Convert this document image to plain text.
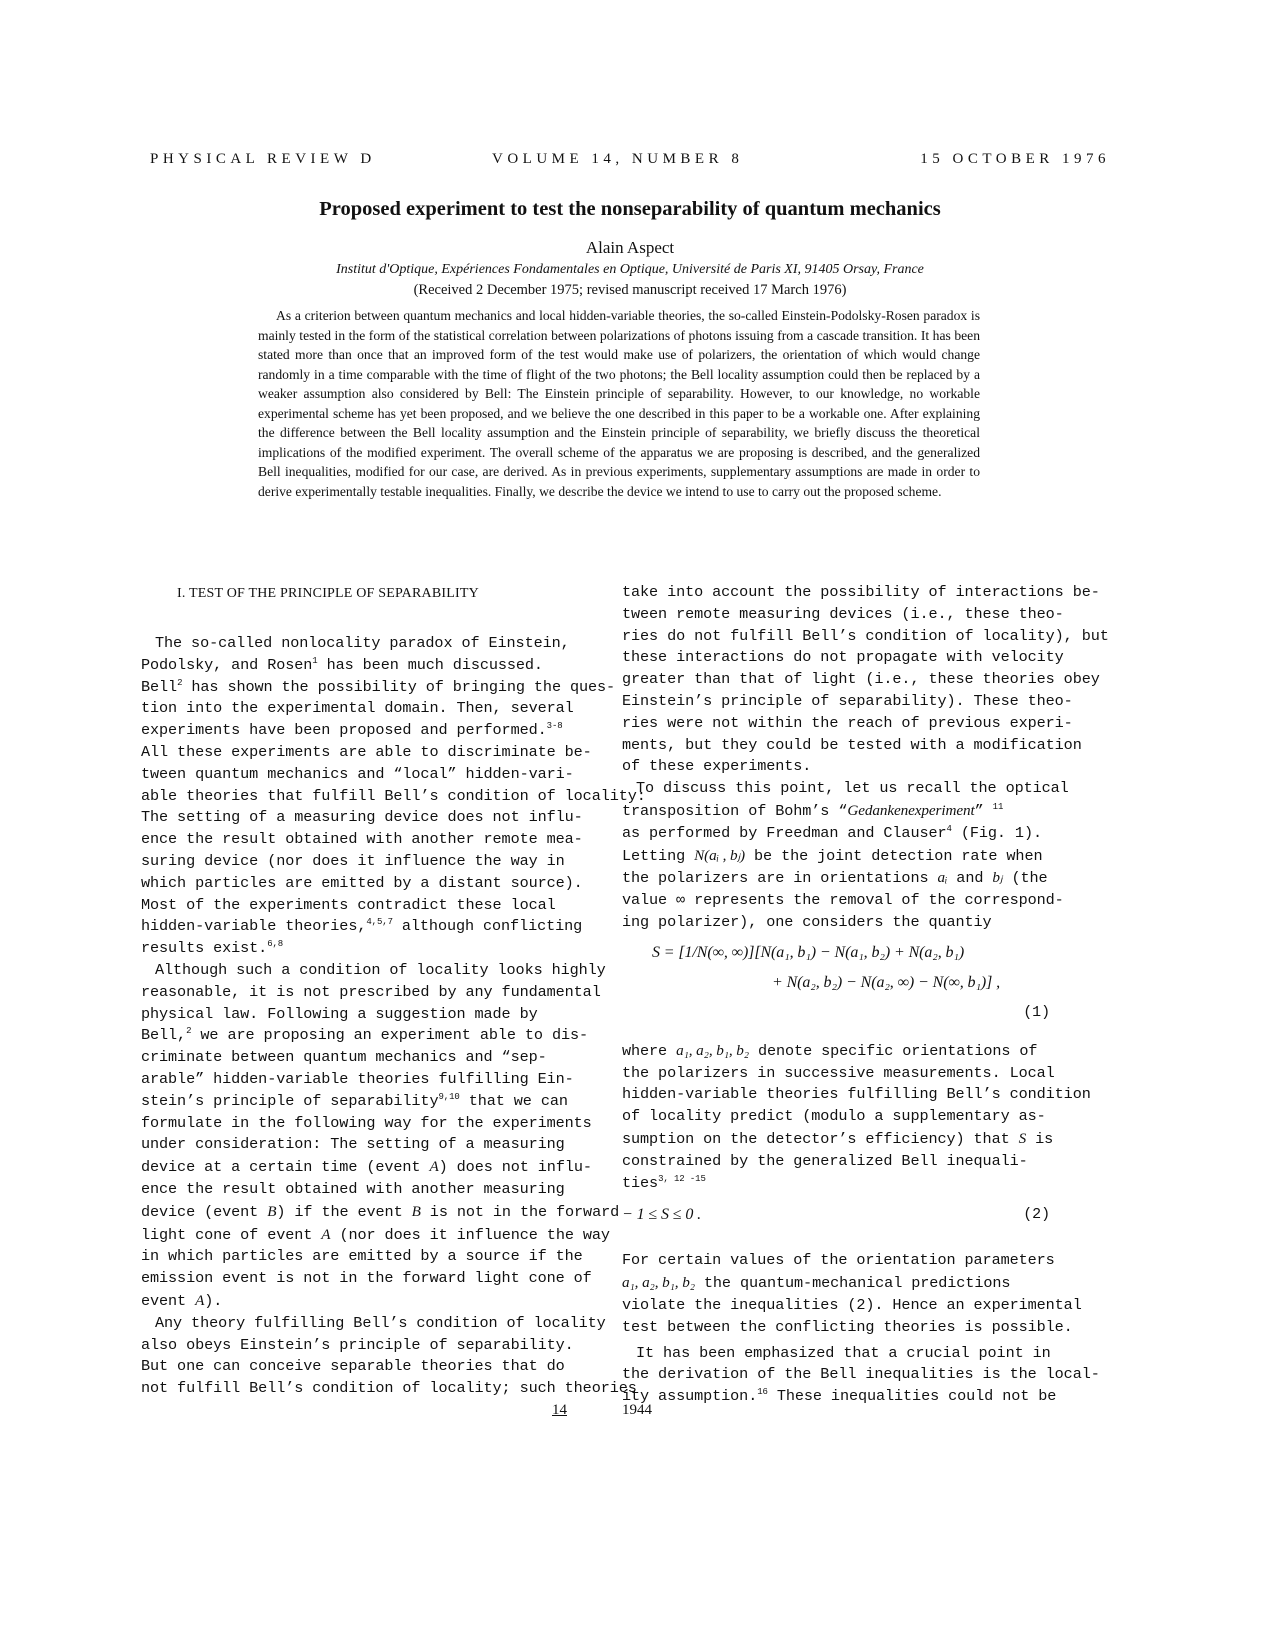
PHYSICAL REVIEW D	VOLUME 14, NUMBER 8	15 OCTOBER 1976
Proposed experiment to test the nonseparability of quantum mechanics
Alain Aspect
Institut d'Optique, Expériences Fondamentales en Optique, Université de Paris XI, 91405 Orsay, France
(Received 2 December 1975; revised manuscript received 17 March 1976)

As a criterion between quantum mechanics and local hidden-variable theories, the so-called Einstein-Podolsky-Rosen paradox is mainly tested in the form of the statistical correlation between polarizations of photons issuing from a cascade transition. It has been stated more than once that an improved form of the test would make use of polarizers, the orientation of which would change randomly in a time comparable with the time of flight of the two photons; the Bell locality assumption could then be replaced by a weaker assumption also considered by Bell: The Einstein principle of separability. However, to our knowledge, no workable experimental scheme has yet been proposed, and we believe the one described in this paper to be a workable one. After explaining the difference between the Bell locality assumption and the Einstein principle of separability, we briefly discuss the theoretical implications of the modified experiment. The overall scheme of the apparatus we are proposing is described, and the generalized Bell inequalities, modified for our case, are derived. As in previous experiments, supplementary assumptions are made in order to derive experimentally testable inequalities. Finally, we describe the device we intend to use to carry out the proposed scheme.

I. TEST OF THE PRINCIPLE OF SEPARABILITY
The so-called nonlocality paradox of Einstein,
Podolsky, and Rosen$^1$ has been much discussed.
Bell$^2$ has shown the possibility of bringing the ques-
tion into the experimental domain. Then, several
experiments have been proposed and performed.$^{3-8}$
All these experiments are able to discriminate be-
tween quantum mechanics and “local” hidden-vari-
able theories that fulfill Bell’s condition of locality:
The setting of a measuring device does not influ-
ence the result obtained with another remote mea-
suring device (nor does it influence the way in
which particles are emitted by a distant source).
Most of the experiments contradict these local
hidden-variable theories,$^{4,5,7}$ although conflicting
results exist.$^{6,8}$
Although such a condition of locality looks highly
reasonable, it is not prescribed by any fundamental
physical law. Following a suggestion made by
Bell,$^2$ we are proposing an experiment able to dis-
criminate between quantum mechanics and “sep-
arable” hidden-variable theories fulfilling Ein-
stein’s principle of separability$^{9,10}$ that we can
formulate in the following way for the experiments
under consideration: The setting of a measuring
device at a certain time (event A) does not influ-
ence the result obtained with another measuring
device (event B) if the event B is not in the forward
light cone of event A (nor does it influence the way
in which particles are emitted by a source if the
emission event is not in the forward light cone of
event A).
Any theory fulfilling Bell’s condition of locality
also obeys Einstein’s principle of separability.
But one can conceive separable theories that do
not fulfill Bell’s condition of locality; such theories
take into account the possibility of interactions be-
tween remote measuring devices (i.e., these theo-
ries do not fulfill Bell’s condition of locality), but
these interactions do not propagate with velocity
greater than that of light (i.e., these theories obey
Einstein’s principle of separability). These theo-
ries were not within the reach of previous experi-
ments, but they could be tested with a modification
of these experiments.
To discuss this point, let us recall the optical
transposition of Bohm’s “Gedankenexperiment” $^{11}$
as performed by Freedman and Clauser$^4$ (Fig. 1).
Letting N(aᵢ , bⱼ) be the joint detection rate when
the polarizers are in orientations aᵢ and bⱼ (the
value ∞ represents the removal of the correspond-
ing polarizer), one considers the quantiy
S = [1/N(∞, ∞)][N(a₁, b₁) − N(a₁, b₂) + N(a₂, b₁)
+ N(a₂, b₂) − N(a₂, ∞) − N(∞, b₁)] ,
(1)
where a₁, a₂, b₁, b₂ denote specific orientations of
the polarizers in successive measurements. Local
hidden-variable theories fulfilling Bell’s condition
of locality predict (modulo a supplementary as-
sumption on the detector’s efficiency) that S is
constrained by the generalized Bell inequali-
ties$^{3, 12 -15}$
− 1 ≤ S ≤ 0 .	(2)
For certain values of the orientation parameters
a₁, a₂, b₁, b₂ the quantum-mechanical predictions
violate the inequalities (2). Hence an experimental
test between the conflicting theories is possible.
It has been emphasized that a crucial point in
the derivation of the Bell inequalities is the local-
ity assumption.$^{16}$ These inequalities could not be
14	1944
